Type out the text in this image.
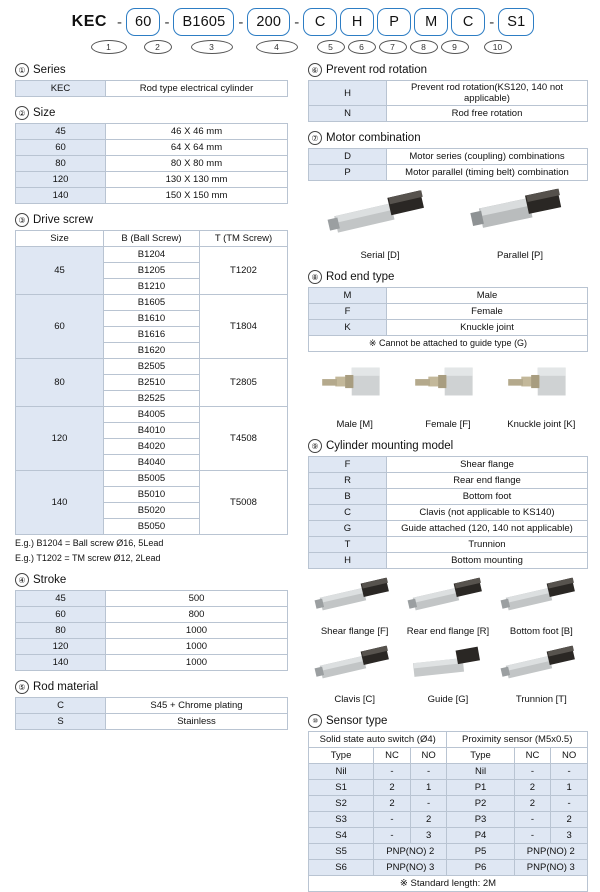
KEC - 60 - B1605 - 200 -	C	H	P	M	C	- S1
1	2	3	4	5	6	7	8	9	10
① Series
KEC	Rod type electrical cylinder
② Size
45	46 X 46 mm
60	64 X 64 mm
80	80 X 80 mm
120	130 X 130 mm
140	150 X 150 mm
③ Drive screw
Size	B (Ball Screw)	T (TM Screw)
45	B1204	T1202
	B1205	
	B1210	
60	B1605	T1804
	B1610	
	B1616	
	B1620	
80	B2505	T2805
	B2510	
	B2525	
120	B4005	T4508
	B4010	
	B4020	
	B4040	
140	B5005	T5008
	B5010	
	B5020	
	B5050	
E.g.) B1204 = Ball screw Ø16, 5Lead
E.g.) T1202 = TM screw Ø12, 2Lead
④ Stroke
45	500
60	800
80	1000
120	1000
140	1000
⑤ Rod material
C	S45 + Chrome plating
S	Stainless
⑥ Prevent rod rotation
H	Prevent rod rotation(KS120, 140 not applicable)
N	Rod free rotation
⑦ Motor combination
D	Motor series (coupling) combinations
P	Motor parallel (timing belt) combination
Serial [D]	Parallel [P]
⑧ Rod end type
M	Male
F	Female
K	Knuckle joint
※ Cannot be attached to guide type (G)	
Male [M]	Female [F]	Knuckle joint [K]
⑨ Cylinder mounting model
F	Shear flange
R	Rear end flange
B	Bottom foot
C	Clavis (not applicable to KS140)
G	Guide attached (120, 140 not applicable)
T	Trunnion
H	Bottom mounting
Shear flange [F] Rear end flange [R] Bottom foot [B]
Clavis [C]	Guide [G]	Trunnion [T]
⑩ Sensor type
Solid state auto switch (Ø4)			Proximity sensor (M5x0.5)		
Type	NC	NO	Type	NC	NO
Nil	-	-	Nil	-	-
S1	2	1	P1	2	1
S2	2	-	P2	2	-
S3	-	2	P3	-	2
S4	-	3	P4	-	3
S5	PNP(NO) 2		P5	PNP(NO) 2	
S6	PNP(NO) 3		P6	PNP(NO) 3	
※ Standard length: 2M					
